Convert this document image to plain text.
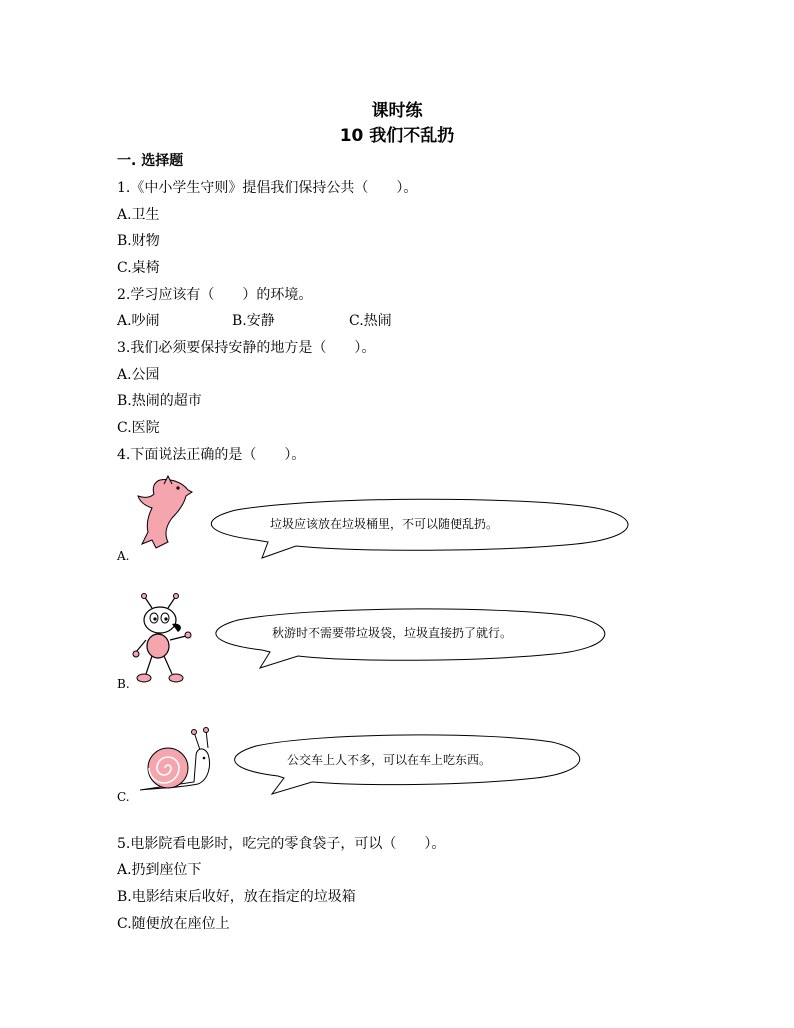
课时练
10 我们不乱扔
一. 选择题
1.《中小学生守则》提倡我们保持公共（　　）。
A.卫生
B.财物
C.桌椅
2.学习应该有（　　）的环境。
A.吵闹	B.安静	C.热闹
3.我们必须要保持安静的地方是（　　）。
A.公园
B.热闹的超市
C.医院
4.下面说法正确的是（　　）。
垃圾应该放在垃圾桶里，不可以随便乱扔。
A.
秋游时不需要带垃圾袋，垃圾直接扔了就行。
B.
公交车上人不多，可以在车上吃东西。
C.
5.电影院看电影时，吃完的零食袋子，可以（　　）。
A.扔到座位下
B.电影结束后收好，放在指定的垃圾箱
C.随便放在座位上
